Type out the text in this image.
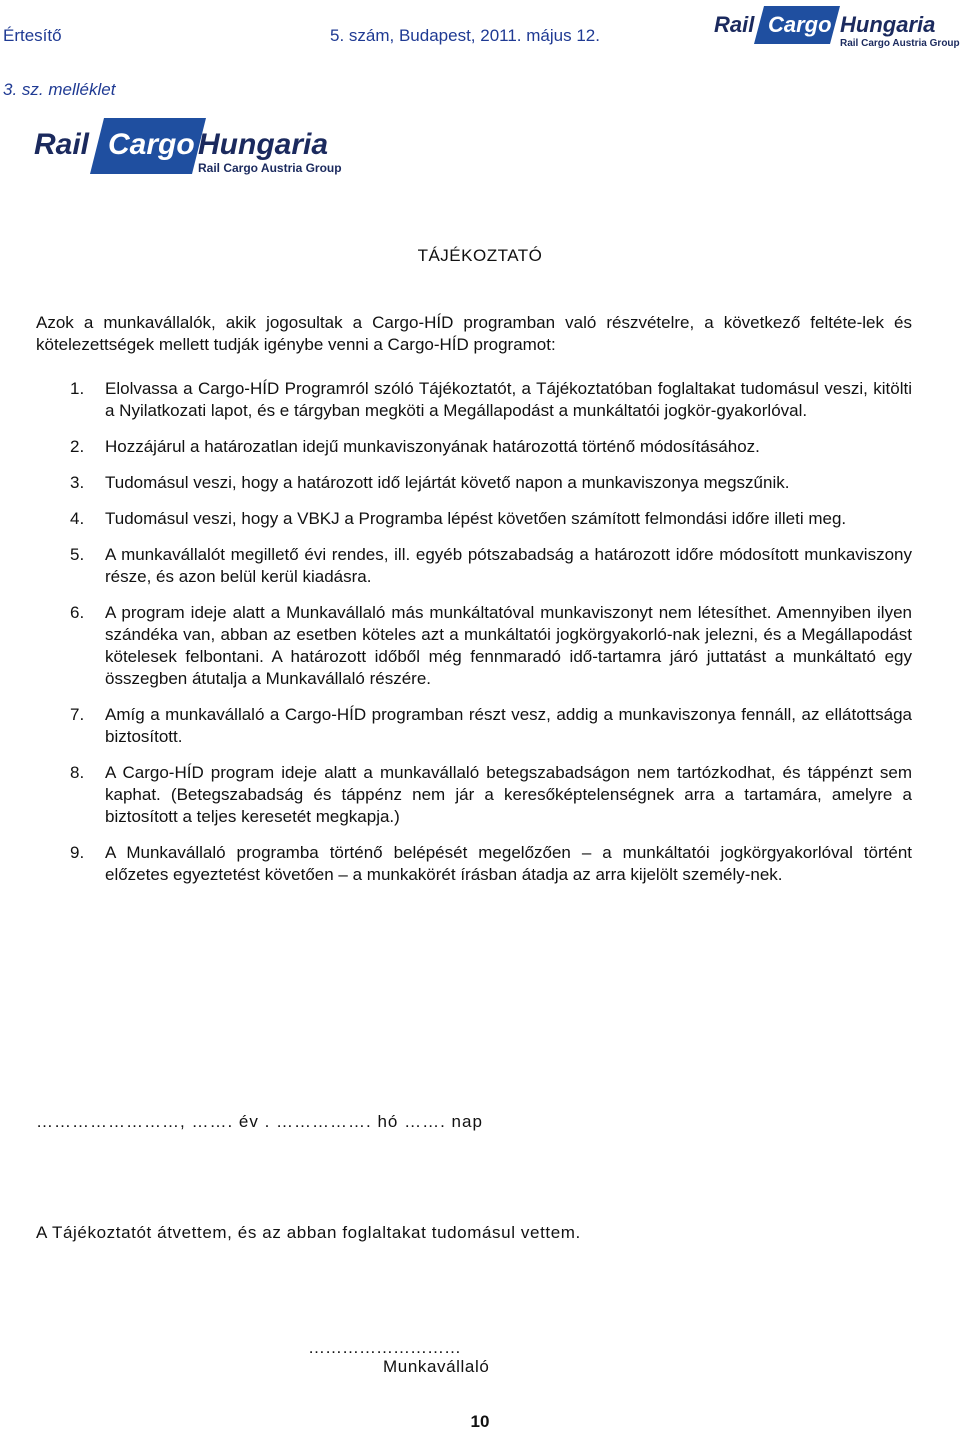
Értesítő	5. szám, Budapest, 2011. május 12.	Rail Cargo Hungaria
Rail Cargo Austria Group
3. sz. melléklet
Rail Cargo Hungaria
Rail Cargo Austria Group
TÁJÉKOZTATÓ

Azok a munkavállalók, akik jogosultak a Cargo-HÍD programban való részvételre, a következő feltéte-lek és kötelezettségek mellett tudják igénybe venni a Cargo-HÍD programot:

1. Elolvassa a Cargo-HÍD Programról szóló Tájékoztatót, a Tájékoztatóban foglaltakat tudomásul veszi, kitölti a Nyilatkozati lapot, és e tárgyban megköti a Megállapodást a munkáltatói jogkör-gyakorlóval.
2. Hozzájárul a határozatlan idejű munkaviszonyának határozottá történő módosításához.
3. Tudomásul veszi, hogy a határozott idő lejártát követő napon a munkaviszonya megszűnik.
4. Tudomásul veszi, hogy a VBKJ a Programba lépést követően számított felmondási időre illeti meg.
5. A munkavállalót megillető évi rendes, ill. egyéb pótszabadság a határozott időre módosított munkaviszony része, és azon belül kerül kiadásra.
6. A program ideje alatt a Munkavállaló más munkáltatóval munkaviszonyt nem létesíthet. Amennyiben ilyen szándéka van, abban az esetben köteles azt a munkáltatói jogkörgyakorló-nak jelezni, és a Megállapodást kötelesek felbontani. A határozott időből még fennmaradó idő-tartamra járó juttatást a munkáltató egy összegben átutalja a Munkavállaló részére.
7. Amíg a munkavállaló a Cargo-HÍD programban részt vesz, addig a munkaviszonya fennáll, az ellátottsága biztosított.
8. A Cargo-HÍD program ideje alatt a munkavállaló betegszabadságon nem tartózkodhat, és táppénzt sem kaphat. (Betegszabadság és táppénz nem jár a keresőképtelenségnek arra a tartamára, amelyre a biztosított a teljes keresetét megkapja.)
9. A Munkavállaló programba történő belépését megelőzően – a munkáltatói jogkörgyakorlóval történt előzetes egyeztetést követően – a munkakörét írásban átadja az arra kijelölt személy-nek.
……………………, ……. év . ……………. hó ……. nap
A Tájékoztatót átvettem, és az abban foglaltakat tudomásul vettem.
………………………
Munkavállaló
10
